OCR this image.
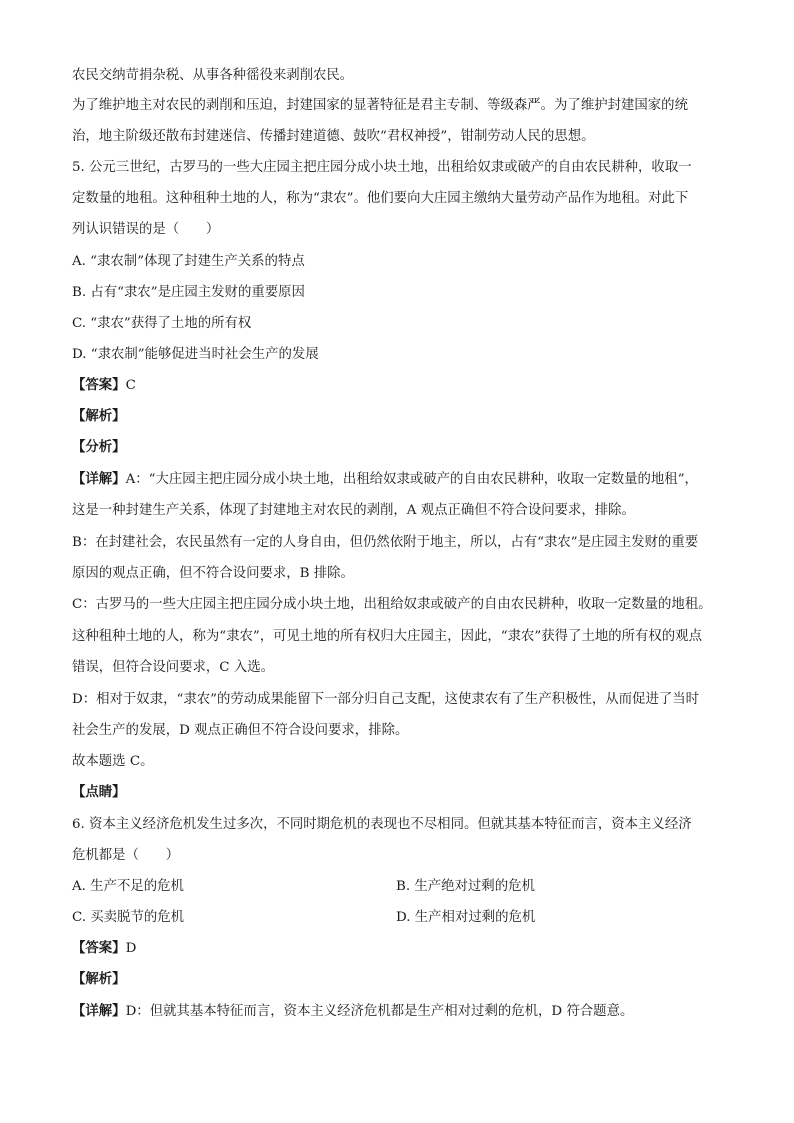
农民交纳苛捐杂税、从事各种徭役来剥削农民。
为了维护地主对农民的剥削和压迫，封建国家的显著特征是君主专制、等级森严。为了维护封建国家的统
治，地主阶级还散布封建迷信、传播封建道德、鼓吹“君权神授”，钳制劳动人民的思想。
5. 公元三世纪，古罗马的一些大庄园主把庄园分成小块土地，出租给奴隶或破产的自由农民耕种，收取一
定数量的地租。这种租种土地的人，称为“隶农”。他们要向大庄园主缴纳大量劳动产品作为地租。对此下
列认识错误的是（　　）
A. “隶农制”体现了封建生产关系的特点
B. 占有“隶农”是庄园主发财的重要原因
C. “隶农”获得了土地的所有权
D. “隶农制”能够促进当时社会生产的发展
【答案】C
【解析】
【分析】
【详解】A：“大庄园主把庄园分成小块土地，出租给奴隶或破产的自由农民耕种，收取一定数量的地租”，
这是一种封建生产关系，体现了封建地主对农民的剥削，A 观点正确但不符合设问要求，排除。
B：在封建社会，农民虽然有一定的人身自由，但仍然依附于地主，所以，占有“隶农”是庄园主发财的重要
原因的观点正确，但不符合设问要求，B 排除。
C：古罗马的一些大庄园主把庄园分成小块土地，出租给奴隶或破产的自由农民耕种，收取一定数量的地租。
这种租种土地的人，称为“隶农”，可见土地的所有权归大庄园主，因此，“隶农”获得了土地的所有权的观点
错误，但符合设问要求，C 入选。
D：相对于奴隶，“隶农”的劳动成果能留下一部分归自己支配，这使隶农有了生产积极性，从而促进了当时
社会生产的发展，D 观点正确但不符合设问要求，排除。
故本题选 C。
【点睛】
6. 资本主义经济危机发生过多次，不同时期危机的表现也不尽相同。但就其基本特征而言，资本主义经济
危机都是（　　）
A. 生产不足的危机	B. 生产绝对过剩的危机
C. 买卖脱节的危机	D. 生产相对过剩的危机
【答案】D
【解析】
【详解】D：但就其基本特征而言，资本主义经济危机都是生产相对过剩的危机，D 符合题意。
